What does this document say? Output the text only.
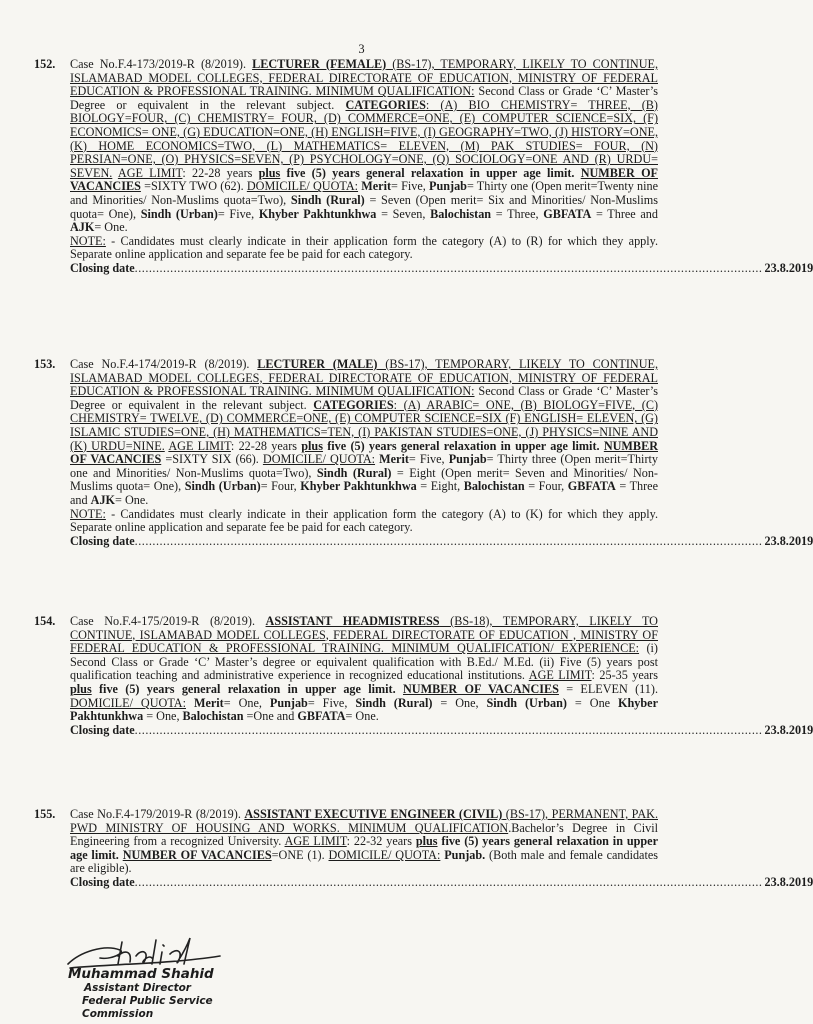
3
152. Case No.F.4-173/2019-R (8/2019). LECTURER (FEMALE) (BS-17), TEMPORARY, LIKELY TO CONTINUE, ISLAMABAD MODEL COLLEGES, FEDERAL DIRECTORATE OF EDUCATION, MINISTRY OF FEDERAL EDUCATION & PROFESSIONAL TRAINING. MINIMUM QUALIFICATION: Second Class or Grade ‘C’ Master’s Degree or equivalent in the relevant subject. CATEGORIES: (A) BIO CHEMISTRY= THREE, (B) BIOLOGY=FOUR, (C) CHEMISTRY= FOUR, (D) COMMERCE=ONE, (E) COMPUTER SCIENCE=SIX, (F) ECONOMICS= ONE, (G) EDUCATION=ONE, (H) ENGLISH=FIVE, (I) GEOGRAPHY=TWO, (J) HISTORY=ONE, (K) HOME ECONOMICS=TWO, (L) MATHEMATICS= ELEVEN, (M) PAK STUDIES= FOUR, (N) PERSIAN=ONE, (O) PHYSICS=SEVEN, (P) PSYCHOLOGY=ONE, (Q) SOCIOLOGY=ONE AND (R) URDU= SEVEN. AGE LIMIT: 22-28 years plus five (5) years general relaxation in upper age limit. NUMBER OF VACANCIES =SIXTY TWO (62). DOMICILE/ QUOTA: Merit= Five, Punjab= Thirty one (Open merit=Twenty nine and Minorities/ Non-Muslims quota=Two), Sindh (Rural) = Seven (Open merit= Six and Minorities/ Non-Muslims quota= One), Sindh (Urban)= Five, Khyber Pakhtunkhwa = Seven, Balochistan = Three, GBFATA = Three and AJK= One.
NOTE: - Candidates must clearly indicate in their application form the category (A) to (R) for which they apply. Separate online application and separate fee be paid for each category.
Closing date ................................................................................................................................................................................. 23.8.2019
153. Case No.F.4-174/2019-R (8/2019). LECTURER (MALE) (BS-17), TEMPORARY, LIKELY TO CONTINUE, ISLAMABAD MODEL COLLEGES, FEDERAL DIRECTORATE OF EDUCATION, MINISTRY OF FEDERAL EDUCATION & PROFESSIONAL TRAINING. MINIMUM QUALIFICATION: Second Class or Grade ‘C’ Master’s Degree or equivalent in the relevant subject. CATEGORIES: (A) ARABIC= ONE, (B) BIOLOGY=FIVE, (C) CHEMISTRY= TWELVE, (D) COMMERCE=ONE, (E) COMPUTER SCIENCE=SIX (F) ENGLISH= ELEVEN, (G) ISLAMIC STUDIES=ONE, (H) MATHEMATICS=TEN, (I) PAKISTAN STUDIES=ONE, (J) PHYSICS=NINE AND (K) URDU=NINE. AGE LIMIT: 22-28 years plus five (5) years general relaxation in upper age limit. NUMBER OF VACANCIES =SIXTY SIX (66). DOMICILE/ QUOTA: Merit= Five, Punjab= Thirty three (Open merit=Thirty one and Minorities/ Non-Muslims quota=Two), Sindh (Rural) = Eight (Open merit= Seven and Minorities/ Non-Muslims quota= One), Sindh (Urban)= Four, Khyber Pakhtunkhwa = Eight, Balochistan = Four, GBFATA = Three and AJK= One.
NOTE: - Candidates must clearly indicate in their application form the category (A) to (K) for which they apply. Separate online application and separate fee be paid for each category.
Closing date ................................................................................................................................................................................. 23.8.2019
154. Case No.F.4-175/2019-R (8/2019). ASSISTANT HEADMISTRESS (BS-18), TEMPORARY, LIKELY TO CONTINUE, ISLAMABAD MODEL COLLEGES, FEDERAL DIRECTORATE OF EDUCATION , MINISTRY OF FEDERAL EDUCATION & PROFESSIONAL TRAINING. MINIMUM QUALIFICATION/ EXPERIENCE: (i) Second Class or Grade ‘C’ Master’s degree or equivalent qualification with B.Ed./ M.Ed. (ii) Five (5) years post qualification teaching and administrative experience in recognized educational institutions. AGE LIMIT: 25-35 years plus five (5) years general relaxation in upper age limit. NUMBER OF VACANCIES = ELEVEN (11). DOMICILE/ QUOTA: Merit= One, Punjab= Five, Sindh (Rural) = One, Sindh (Urban) = One Khyber Pakhtunkhwa = One, Balochistan =One and GBFATA= One.
Closing date ................................................................................................................................................................................. 23.8.2019
155. Case No.F.4-179/2019-R (8/2019). ASSISTANT EXECUTIVE ENGINEER (CIVIL) (BS-17), PERMANENT, PAK. PWD MINISTRY OF HOUSING AND WORKS. MINIMUM QUALIFICATION.Bachelor’s Degree in Civil Engineering from a recognized University. AGE LIMIT: 22-32 years plus five (5) years general relaxation in upper age limit. NUMBER OF VACANCIES=ONE (1). DOMICILE/ QUOTA: Punjab. (Both male and female candidates are eligible).
Closing date ................................................................................................................................................................................. 23.8.2019
Muhammad Shahid
Assistant Director
Federal Public Service Commission
